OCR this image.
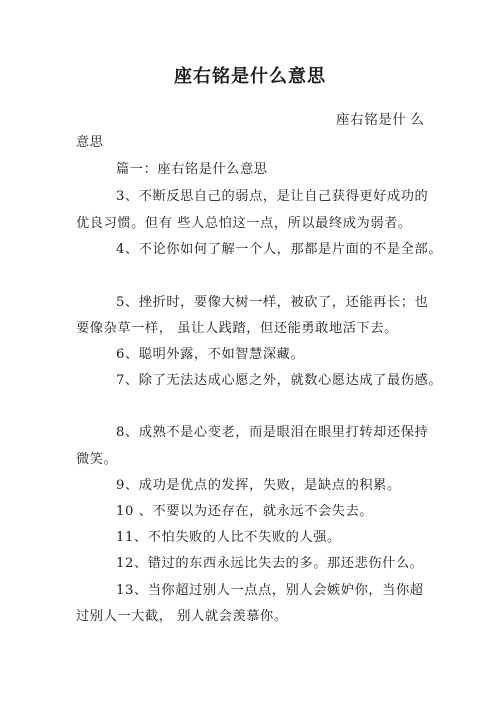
座右铭是什么意思
座右铭是什 么
意思
篇一：座右铭是什么意思
3、不断反思自己的弱点，是让自己获得更好成功的
优良习惯。但有 些人总怕这一点，所以最终成为弱者。
4、不论你如何了解一个人，那都是片面的不是全部。
5、挫折时，要像大树一样，被砍了，还能再长；也
要像杂草一样， 虽让人践踏，但还能勇敢地活下去。
6、聪明外露，不如智慧深藏。
7、除了无法达成心愿之外，就数心愿达成了最伤感。
8、成熟不是心变老，而是眼泪在眼里打转却还保持
微笑。
9、成功是优点的发挥，失败，是缺点的积累。
10 、不要以为还存在，就永远不会失去。
11、不怕失败的人比不失败的人强。
12、错过的东西永远比失去的多。那还悲伤什么。
13、当你超过别人一点点，别人会嫉妒你，当你超
过别人一大截， 别人就会羡慕你。
